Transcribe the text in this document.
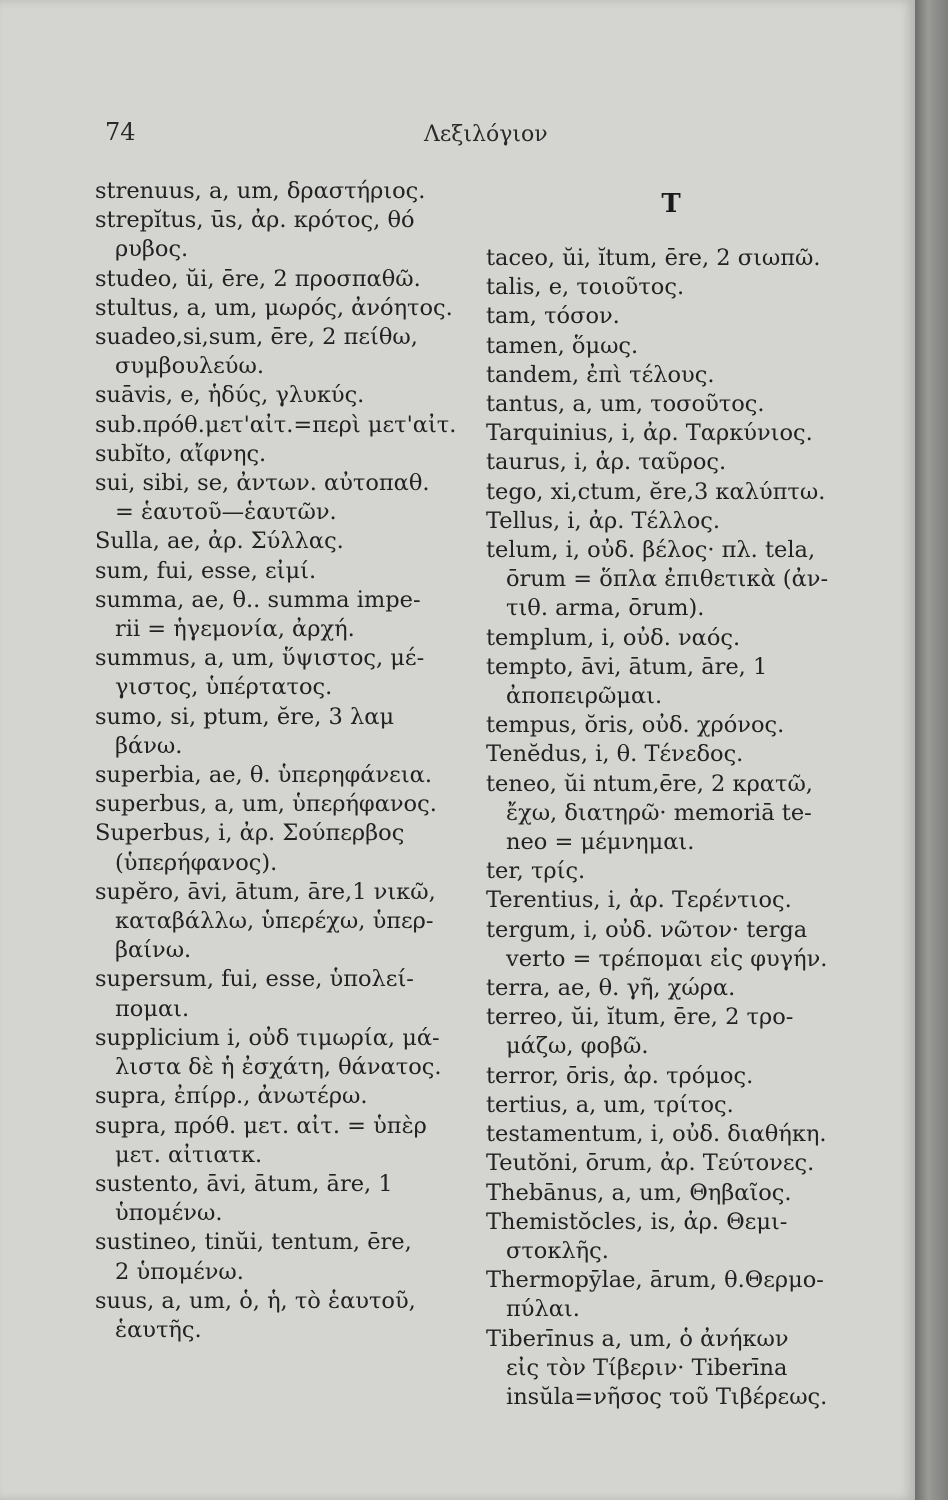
74	Λεξιλόγιον
strenuus, a, um, δραστήριος.
strepĭtus, ūs, ἀρ. κρότος, θό
ρυβος.
studeo, ŭi, ēre, 2 προσπαθῶ.
stultus, a, um, μωρός, ἀνόητος.
suadeo,si,sum, ēre, 2 πείθω,
συμβουλεύω.
suāvis, e, ἡδύς, γλυκύς.
sub.πρόθ.μετ'αἰτ.=περὶ μετ'αἰτ.
subĭto, αἴφνης.
sui, sibi, se, ἀντων. αὐτοπαθ.
= ἑαυτοῦ—ἑαυτῶν.
Sulla, ae, ἀρ. Σύλλας.
sum, fui, esse, εἰμί.
summa, ae, θ.. summa impe-
rii = ἡγεμονία, ἀρχή.
summus, a, um, ὕψιστος, μέ-
γιστος, ὑπέρτατος.
sumo, si, ptum, ĕre, 3 λαμ
βάνω.
superbia, ae, θ. ὑπερηφάνεια.
superbus, a, um, ὑπερήφανος.
Superbus, i, ἀρ. Σούπερβος
(ὑπερήφανος).
supĕro, āvi, ātum, āre,1 νικῶ,
καταβάλλω, ὑπερέχω, ὑπερ-
βαίνω.
supersum, fui, esse, ὑπολεί-
πομαι.
supplicium i, οὐδ τιμωρία, μά-
λιστα δὲ ἡ ἐσχάτη, θάνατος.
supra, ἐπίρρ., ἀνωτέρω.
supra, πρόθ. μετ. αἰτ. = ὑπὲρ
μετ. αἰτιατκ.
sustento, āvi, ātum, āre, 1
ὑπομένω.
sustineo, tinŭi, tentum, ēre,
2 ὑπομένω.
suus, a, um, ὁ, ἡ, τὸ ἑαυτοῦ,
ἑαυτῆς.
T
taceo, ŭi, ĭtum, ēre, 2 σιωπῶ.
talis, e, τοιοῦτος.
tam, τόσον.
tamen, ὅμως.
tandem, ἐπὶ τέλους.
tantus, a, um, τοσοῦτος.
Tarquinius, i, ἀρ. Ταρκύνιος.
taurus, i, ἀρ. ταῦρος.
tego, xi,ctum, ĕre,3 καλύπτω.
Tellus, i, ἀρ. Τέλλος.
telum, i, οὐδ. βέλος· πλ. tela,
ōrum = ὅπλα ἐπιθετικὰ (ἀν-
τιθ. arma, ōrum).
templum, i, οὐδ. ναός.
tempto, āvi, ātum, āre, 1
ἀποπειρῶμαι.
tempus, ŏris, οὐδ. χρόνος.
Tenĕdus, i, θ. Τένεδος.
teneo, ŭi ntum,ēre, 2 κρατῶ,
ἔχω, διατηρῶ· memoriā te-
neo = μέμνημαι.
ter, τρίς.
Terentius, i, ἀρ. Τερέντιος.
tergum, i, οὐδ. νῶτον· terga
verto = τρέπομαι εἰς φυγήν.
terra, ae, θ. γῆ, χώρα.
terreo, ŭi, ĭtum, ēre, 2 τρο-
μάζω, φοβῶ.
terror, ōris, ἀρ. τρόμος.
tertius, a, um, τρίτος.
testamentum, i, οὐδ. διαθήκη.
Teutŏni, ōrum, ἀρ. Τεύτονες.
Thebānus, a, um, Θηβαῖος.
Themistŏcles, is, ἀρ. Θεμι-
στοκλῆς.
Thermopȳlae, ārum, θ.Θερμο-
πύλαι.
Tiberīnus a, um, ὁ ἀνήκων
εἰς τὸν Τίβεριν· Tiberīna
insŭla=νῆσος τοῦ Τιβέρεως.
